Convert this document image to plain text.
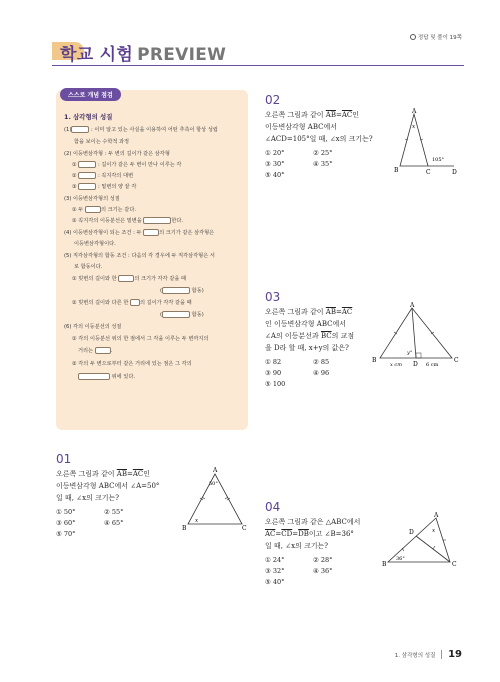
정답 및 풀이 19쪽
학교 시험 PREVIEW
스스로 개념 점검
1. 삼각형의 성질
(1)	: 이미 알고 있는 사실을 이용하여 어떤 추측이 항상 성립
함을 보이는 수학적 과정
(2) 이등변삼각형 : 두 변의 길이가 같은 삼각형
①	: 길이가 같은 두 변이 만나 이루는 각
②	: 꼭지각의 대변
③	: 밑변의 양 끝 각
(3) 이등변삼각형의 성질
① 두	의 크기는 같다.
② 꼭지각의 이등분선은 밑변을	한다.
(4) 이등변삼각형이 되는 조건 : 두	의 크기가 같은 삼각형은
이등변삼각형이다.
(5) 직각삼각형의 합동 조건 : 다음의 각 경우에 두 직각삼각형은 서
로 합동이다.
① 빗변의 길이와 한	의 크기가 각각 같을 때
(	합동)
② 빗변의 길이와 다른 한 의 길이가 각각 같을 때
(	합동)
(6) 각의 이등분선의 성질
① 각의 이등분선 위의 한 점에서 그 각을 이루는 두 변까지의
거리는	.
② 각의 두 변으로부터 같은 거리에 있는 점은 그 각의
위에 있다.
01
오른쪽 그림과 같이 $\overline{AB}=\overline{AC}$인
이등변삼각형 ABC에서 ∠A=50°
일 때, ∠x의 크기는?
① 50°	② 55°
③ 60°	④ 65°
⑤ 70°
A
B	C
50°
x
02
오른쪽 그림과 같이 $\overline{AB}=\overline{AC}$인
이등변삼각형 ABC에서
∠ACD=105°일 때, ∠x의 크기는?
① 20°	② 25°
③ 30°	④ 35°
⑤ 40°
A
B	C	D
105°
x
03
오른쪽 그림과 같이 $\overline{AB}=\overline{AC}$
인 이등변삼각형 ABC에서
∠A의 이등분선과 $\overline{BC}$의 교점
을 D라 할 때, x+y의 값은?
① 82	② 85
③ 90	④ 96
⑤ 100
A
B	C
D
x cm	6 cm
y°
04
오른쪽 그림과 같은 △ABC에서
$\overline{AC}=\overline{CD}=\overline{DB}$이고 ∠B=36°
일 때, ∠x의 크기는?
① 24°	② 28°
③ 32°	④ 36°
⑤ 40°
A
B	C
D
36°
x
1. 삼각형의 성질 19
